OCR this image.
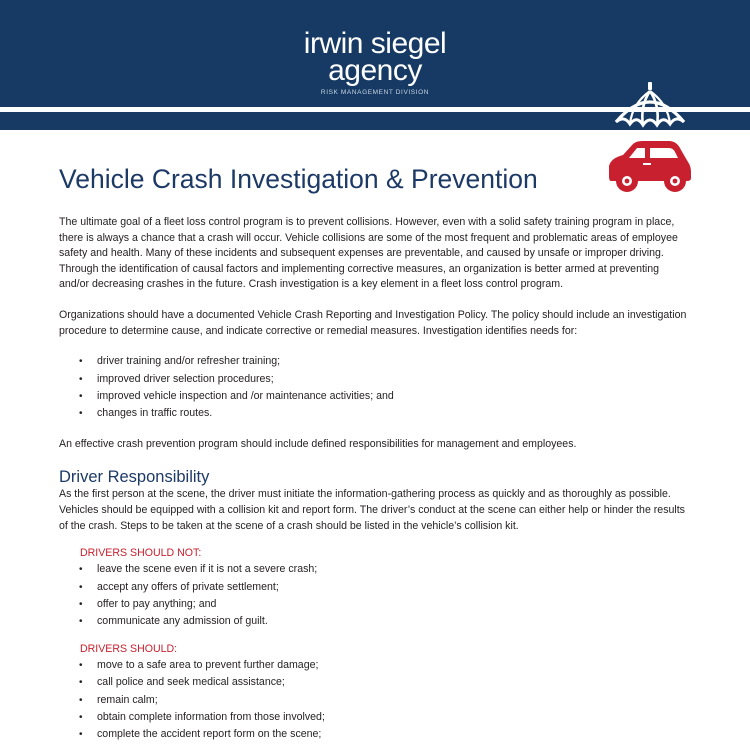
irwin siegel
agency
RISK MANAGEMENT DIVISION
Vehicle Crash Investigation & Prevention

The ultimate goal of a fleet loss control program is to prevent collisions. However, even with a solid safety training program in place, there is always a chance that a crash will occur. Vehicle collisions are some of the most frequent and problematic areas of employee safety and health. Many of these incidents and subsequent expenses are preventable, and caused by unsafe or improper driving. Through the identification of causal factors and implementing corrective measures, an organization is better armed at preventing and/or decreasing crashes in the future. Crash investigation is a key element in a fleet loss control program.

Organizations should have a documented Vehicle Crash Reporting and Investigation Policy. The policy should include an investigation procedure to determine cause, and indicate corrective or remedial measures. Investigation identifies needs for:

• driver training and/or refresher training;
• improved driver selection procedures;
• improved vehicle inspection and /or maintenance activities; and
• changes in traffic routes.

An effective crash prevention program should include defined responsibilities for management and employees.

Driver Responsibility

As the first person at the scene, the driver must initiate the information-gathering process as quickly and as thoroughly as possible. Vehicles should be equipped with a collision kit and report form. The driver’s conduct at the scene can either help or hinder the results of the crash. Steps to be taken at the scene of a crash should be listed in the vehicle’s collision kit.

DRIVERS SHOULD NOT:

• leave the scene even if it is not a severe crash;
• accept any offers of private settlement;
• offer to pay anything; and
• communicate any admission of guilt.

DRIVERS SHOULD:

• move to a safe area to prevent further damage;
• call police and seek medical assistance;
• remain calm;
• obtain complete information from those involved;
• complete the accident report form on the scene;
